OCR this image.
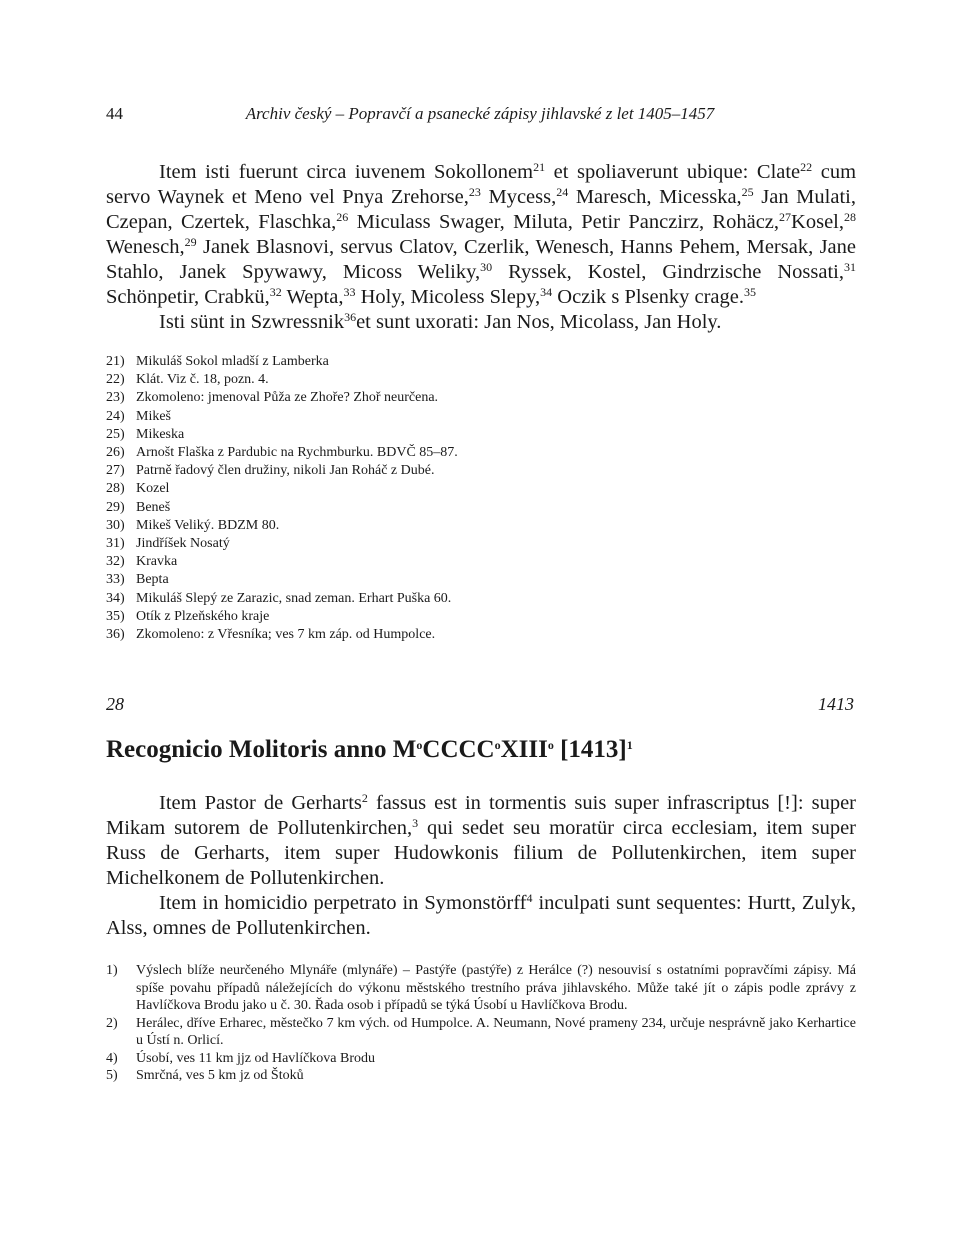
44	Archiv český – Popravčí a psanecké zápisy jihlavské z let 1405–1457

Item isti fuerunt circa iuvenem Sokollonem$^{21}$ et spoliaverunt ubique: Clate$^{22}$ cum servo Waynek et Meno vel Pnya Zrehorse,$^{23}$ Mycess,$^{24}$ Maresch, Micesska,$^{25}$ Jan Mulati, Czepan, Czertek, Flaschka,$^{26}$ Miculass Swager, Miluta, Petir Panczirz, Rohäcz,$^{27}$Kosel,$^{28}$ Wenesch,$^{29}$ Janek Blasnovi, servus Clatov, Czerlik, Wenesch, Hanns Pehem, Mersak, Jane Stahlo, Janek Spywawy, Micoss Weliky,$^{30}$ Ryssek, Kostel, Gindrzische Nossati,$^{31}$ Schönpetir, Crabkü,$^{32}$ Wepta,$^{33}$ Holy, Micoless Slepy,$^{34}$ Oczik s Plsenky crage.$^{35}$

Isti sünt in Szwressnik$^{36}$et sunt uxorati: Jan Nos, Micolass, Jan Holy.

21) Mikuláš Sokol mladší z Lamberka
22) Klát. Viz č. 18, pozn. 4.
23) Zkomoleno: jmenoval Půža ze Zhoře? Zhoř neurčena.
24) Mikeš
25) Mikeska
26) Arnošt Flaška z Pardubic na Rychmburku. BDVČ 85–87.
27) Patrně řadový člen družiny, nikoli Jan Roháč z Dubé.
28) Kozel
29) Beneš
30) Mikeš Veliký. BDZM 80.
31) Jindříšek Nosatý
32) Kravka
33) Bepta
34) Mikuláš Slepý ze Zarazic, snad zeman. Erhart Puška 60.
35) Otík z Plzeňského kraje
36) Zkomoleno: z Vřesníka; ves 7 km záp. od Humpolce.
28	1413
Recognicio Molitoris anno $M^oCCCC^oXIII^o$ $[1413]^1$

Item Pastor de Gerharts$^2$ fassus est in tormentis suis super infrascriptus [!]: super Mikam sutorem de Pollutenkirchen,$^3$ qui sedet seu moratür circa ecclesiam, item super Russ de Gerharts, item super Hudowkonis filium de Pollutenkirchen, item super Michelkonem de Pollutenkirchen.

Item in homicidio perpetrato in Symonstörff$^4$ inculpati sunt sequentes: Hurtt, Zulyk, Alss, omnes de Pollutenkirchen.

1)	Výslech blíže neurčeného Mlynáře (mlynáře) – Pastýře (pastýře) z Herálce (?) nesouvisí s ostatními popravčími zápisy. Má spíše povahu případů náležejících do výkonu městského trestního práva jihlavského. Může také jít o zápis podle zprávy z Havlíčkova Brodu jako u č. 30. Řada osob i případů se týká Úsobí u Havlíčkova Brodu.
2)	Herálec, dříve Erharec, městečko 7 km vých. od Humpolce. A. Neumann, Nové prameny 234, určuje nesprávně jako Kerhartice u Ústí n. Orlicí.
4)	Úsobí, ves 11 km jjz od Havlíčkova Brodu
5)	Smrčná, ves 5 km jz od Štoků
